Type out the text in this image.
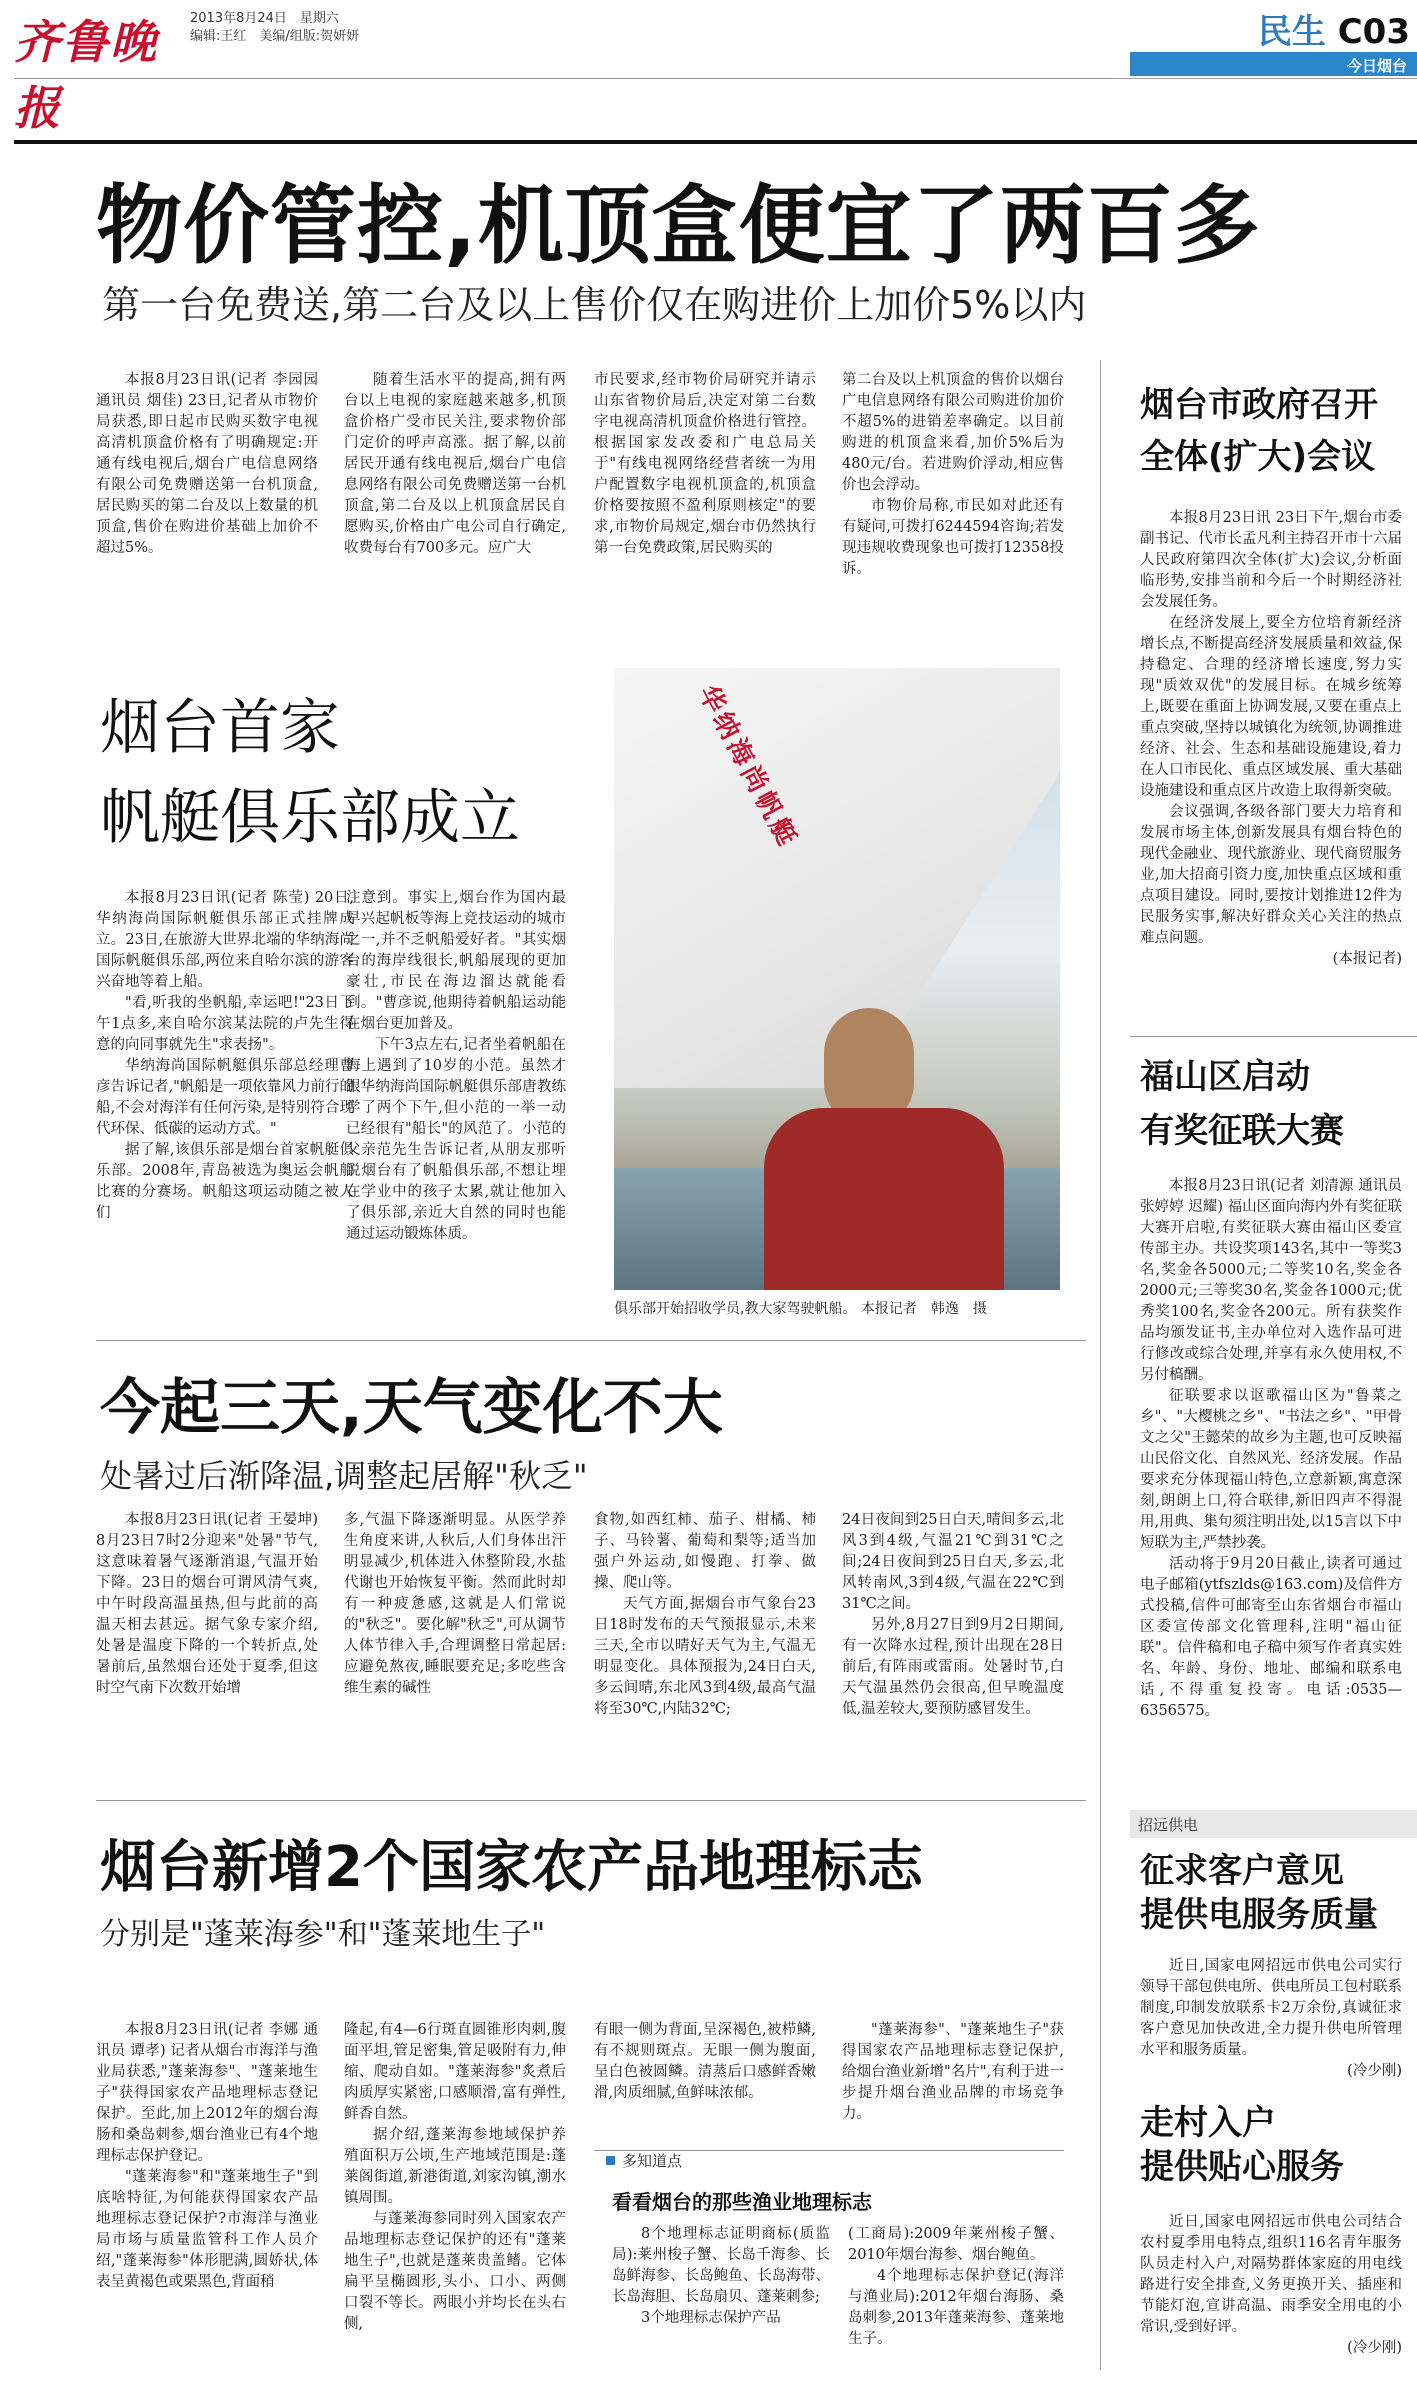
齐鲁晚报
2013年8月24日　 星期六
编辑:王红　美编/组版:贺妍妍	民生 C03
今日烟台
物价管控,机顶盒便宜了两百多
第一台免费送,第二台及以上售价仅在购进价上加价5%以内

本报8月23日讯(记者 李园园 通讯员 烟佳) 23日,记者从市物价局获悉,即日起市民购买数字电视高清机顶盒价格有了明确规定:开通有线电视后,烟台广电信息网络有限公司免费赠送第一台机顶盒,居民购买的第二台及以上数量的机顶盒,售价在购进价基础上加价不超过5%。

随着生活水平的提高,拥有两台以上电视的家庭越来越多,机顶盒价格广受市民关注,要求物价部门定价的呼声高涨。据了解,以前居民开通有线电视后,烟台广电信息网络有限公司免费赠送第一台机顶盒,第二台及以上机顶盒居民自愿购买,价格由广电公司自行确定,收费每台有700多元。应广大

市民要求,经市物价局研究并请示山东省物价局后,决定对第二台数字电视高清机顶盒价格进行管控。根据国家发改委和广电总局关于"有线电视网络经营者统一为用户配置数字电视机顶盒的,机顶盒价格要按照不盈利原则核定"的要求,市物价局规定,烟台市仍然执行第一台免费政策,居民购买的

第二台及以上机顶盒的售价以烟台广电信息网络有限公司购进价加价不超5%的进销差率确定。以目前购进的机顶盒来看,加价5%后为480元/台。若进购价浮动,相应售价也会浮动。

市物价局称,市民如对此还有有疑问,可拨打6244594咨询;若发现违规收费现象也可拨打12358投诉。

烟台首家
帆艇俱乐部成立	华纳海尚帆艇
俱乐部开始招收学员,教大家驾驶帆船。 本报记者　韩逸　摄

本报8月23日讯(记者 陈莹) 20日,华纳海尚国际帆艇俱乐部正式挂牌成立。23日,在旅游大世界北端的华纳海尚国际帆艇俱乐部,两位来自哈尔滨的游客兴奋地等着上船。

"看,听我的坐帆船,幸运吧!"23日下午1点多,来自哈尔滨某法院的卢先生得意的向同事就先生"求表扬"。

华纳海尚国际帆艇俱乐部总经理曹彦告诉记者,"帆船是一项依靠风力前行的船,不会对海洋有任何污染,是特别符合现代环保、低碳的运动方式。"

据了解,该俱乐部是烟台首家帆艇俱乐部。2008年,青岛被选为奥运会帆船比赛的分赛场。帆船这项运动随之被人们

注意到。事实上,烟台作为国内最早兴起帆板等海上竞技运动的城市之一,并不乏帆船爱好者。"其实烟台的海岸线很长,帆船展现的更加豪壮,市民在海边溜达就能看到。"曹彦说,他期待着帆船运动能在烟台更加普及。

下午3点左右,记者坐着帆船在海上遇到了10岁的小范。虽然才跟华纳海尚国际帆艇俱乐部唐教练学了两个下午,但小范的一举一动已经很有"船长"的风范了。小范的父亲范先生告诉记者,从朋友那听说烟台有了帆船俱乐部,不想让埋在学业中的孩子太累,就让他加入了俱乐部,亲近大自然的同时也能通过运动锻炼体质。

今起三天,天气变化不大
处暑过后渐降温,调整起居解"秋乏"

本报8月23日讯(记者 王晏坤) 8月23日7时2分迎来"处暑"节气,这意味着暑气逐渐消退,气温开始下降。23日的烟台可谓风清气爽,中午时段高温虽热,但与此前的高温天相去甚远。据气象专家介绍,处暑是温度下降的一个转折点,处暑前后,虽然烟台还处于夏季,但这时空气南下次数开始增

多,气温下降逐渐明显。从医学养生角度来讲,人秋后,人们身体出汗明显减少,机体进入休整阶段,水盐代谢也开始恢复平衡。然而此时却有一种疲惫感,这就是人们常说的"秋乏"。要化解"秋乏",可从调节人体节律入手,合理调整日常起居:应避免熬夜,睡眠要充足;多吃些含维生素的碱性

食物,如西红柿、茄子、柑橘、柿子、马铃薯、葡萄和梨等;适当加强户外运动,如慢跑、打拳、做操、爬山等。

天气方面,据烟台市气象台23日18时发布的天气预报显示,未来三天,全市以晴好天气为主,气温无明显变化。具体预报为,24日白天,多云间晴,东北风3到4级,最高气温将至30℃,内陆32℃;

24日夜间到25日白天,晴间多云,北风3到4级,气温21℃到31℃之间;24日夜间到25日白天,多云,北风转南风,3到4级,气温在22℃到31℃之间。

另外,8月27日到9月2日期间,有一次降水过程,预计出现在28日前后,有阵雨或雷雨。处暑时节,白天气温虽然仍会很高,但早晚温度低,温差较大,要预防感冒发生。

烟台新增2个国家农产品地理标志
分别是"蓬莱海参"和"蓬莱地生子"

本报8月23日讯(记者 李娜 通讯员 谭孝) 记者从烟台市海洋与渔业局获悉,"蓬莱海参"、"蓬莱地生子"获得国家农产品地理标志登记保护。至此,加上2012年的烟台海肠和桑岛刺参,烟台渔业已有4个地理标志保护登记。

"蓬莱海参"和"蓬莱地生子"到底啥特征,为何能获得国家农产品地理标志登记保护?市海洋与渔业局市场与质量监管科工作人员介绍,"蓬莱海参"体形肥满,圆娇状,体表呈黄褐色或栗黑色,背面稍

隆起,有4—6行斑直圆锥形肉刺,腹面平坦,管足密集,管足吸附有力,伸缩、爬动自如。"蓬莱海参"炙煮后肉质厚实紧密,口感顺滑,富有弹性,鲜香自然。

据介绍,蓬莱海参地域保护养殖面积万公顷,生产地域范围是:蓬莱阁街道,新港街道,刘家沟镇,潮水镇周围。

与蓬莱海参同时列入国家农产品地理标志登记保护的还有"蓬莱地生子",也就是蓬莱贵盖鳍。它体扁平呈椭圆形,头小、口小、两侧口裂不等长。两眼小并均长在头右侧,

有眼一侧为背面,呈深褐色,被栉鳞,有不规则斑点。无眼一侧为腹面,呈白色被圆鳞。清蒸后口感鲜香嫩滑,肉质细腻,鱼鲜味浓郁。

"蓬莱海参"、"蓬莱地生子"获得国家农产品地理标志登记保护,给烟台渔业新增"名片",有利于进一步提升烟台渔业品牌的市场竞争力。

多知道点
看看烟台的那些渔业地理标志

8个地理标志证明商标(质监局):莱州梭子蟹、长岛千海参、长岛鲜海参、长岛鲍鱼、长岛海带、长岛海胆、长岛扇贝、蓬莱刺参;

3个地理标志保护产品

(工商局):2009年莱州梭子蟹、2010年烟台海参、烟台鲍鱼。

4个地理标志保护登记(海洋与渔业局):2012年烟台海肠、桑岛刺参,2013年蓬莱海参、蓬莱地生子。

烟台市政府召开
全体(扩大)会议

本报8月23日讯 23日下午,烟台市委副书记、代市长孟凡利主持召开市十六届人民政府第四次全体(扩大)会议,分析面临形势,安排当前和今后一个时期经济社会发展任务。

在经济发展上,要全方位培育新经济增长点,不断提高经济发展质量和效益,保持稳定、合理的经济增长速度,努力实现"质效双优"的发展目标。在城乡统筹上,既要在重面上协调发展,又要在重点上重点突破,坚持以城镇化为统领,协调推进经济、社会、生态和基础设施建设,着力在人口市民化、重点区域发展、重大基础设施建设和重点区片改造上取得新突破。

会议强调,各级各部门要大力培育和发展市场主体,创新发展具有烟台特色的现代金融业、现代旅游业、现代商贸服务业,加大招商引资力度,加快重点区域和重点项目建设。同时,要按计划推进12件为民服务实事,解决好群众关心关注的热点难点问题。

(本报记者)

福山区启动
有奖征联大赛

本报8月23日讯(记者 刘清源 通讯员 张婷婷 迟耀) 福山区面向海内外有奖征联大赛开启啦,有奖征联大赛由福山区委宣传部主办。共设奖项143名,其中一等奖3名,奖金各5000元;二等奖10名,奖金各2000元;三等奖30名,奖金各1000元;优秀奖100名,奖金各200元。所有获奖作品均颁发证书,主办单位对入选作品可进行修改或综合处理,并享有永久使用权,不另付稿酬。

征联要求以讴歌福山区为"鲁菜之乡"、"大樱桃之乡"、"书法之乡"、"甲骨文之父"王懿荣的故乡为主题,也可反映福山民俗文化、自然风光、经济发展。作品要求充分体现福山特色,立意新颖,寓意深刻,朗朗上口,符合联律,新旧四声不得混用,用典、集句须注明出处,以15言以下中短联为主,严禁抄袭。

活动将于9月20日截止,读者可通过电子邮箱(ytfszlds@163.com)及信件方式投稿,信件可邮寄至山东省烟台市福山区委宣传部文化管理科,注明"福山征联"。信件稿和电子稿中须写作者真实姓名、年龄、身份、地址、邮编和联系电话,不得重复投寄。电话:0535—6356575。

招远供电
征求客户意见
提供电服务质量

近日,国家电网招远市供电公司实行领导干部包供电所、供电所员工包村联系制度,印制发放联系卡2万余份,真诚征求客户意见加快改进,全力提升供电所管理水平和服务质量。

(冷少刚)

走村入户
提供贴心服务

近日,国家电网招远市供电公司结合农村夏季用电特点,组织116名青年服务队员走村入户,对隔势群体家庭的用电线路进行安全排查,义务更换开关、插座和节能灯泡,宣讲高温、雨季安全用电的小常识,受到好评。

(冷少刚)
